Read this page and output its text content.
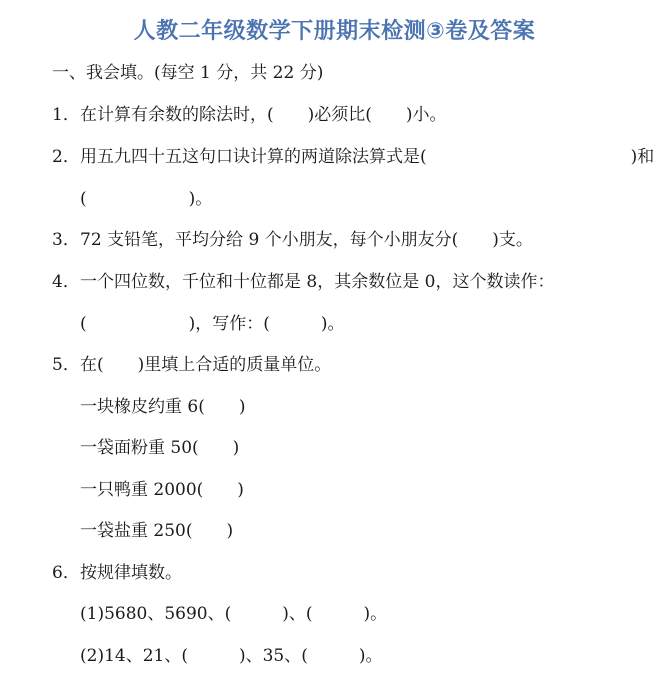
人教二年级数学下册期末检测③卷及答案
一、我会填。(每空 1 分，共 22 分)
1．在计算有余数的除法时，(　　)必须比(　　)小。
2．用五九四十五这句口诀计算的两道除法算式是(　　　　　　　　　　　　)和
(　　　　　　)。
3．72 支铅笔，平均分给 9 个小朋友，每个小朋友分(　　)支。
4．一个四位数，千位和十位都是 8，其余数位是 0，这个数读作：
(　　　　　　)，写作：(　　　)。
5．在(　　)里填上合适的质量单位。
一块橡皮约重 6(　　)
一袋面粉重 50(　　)
一只鸭重 2000(　　)
一袋盐重 250(　　)
6．按规律填数。
(1)5680、5690、(　　　)、(　　　)。
(2)14、21、(　　　)、35、(　　　)。
